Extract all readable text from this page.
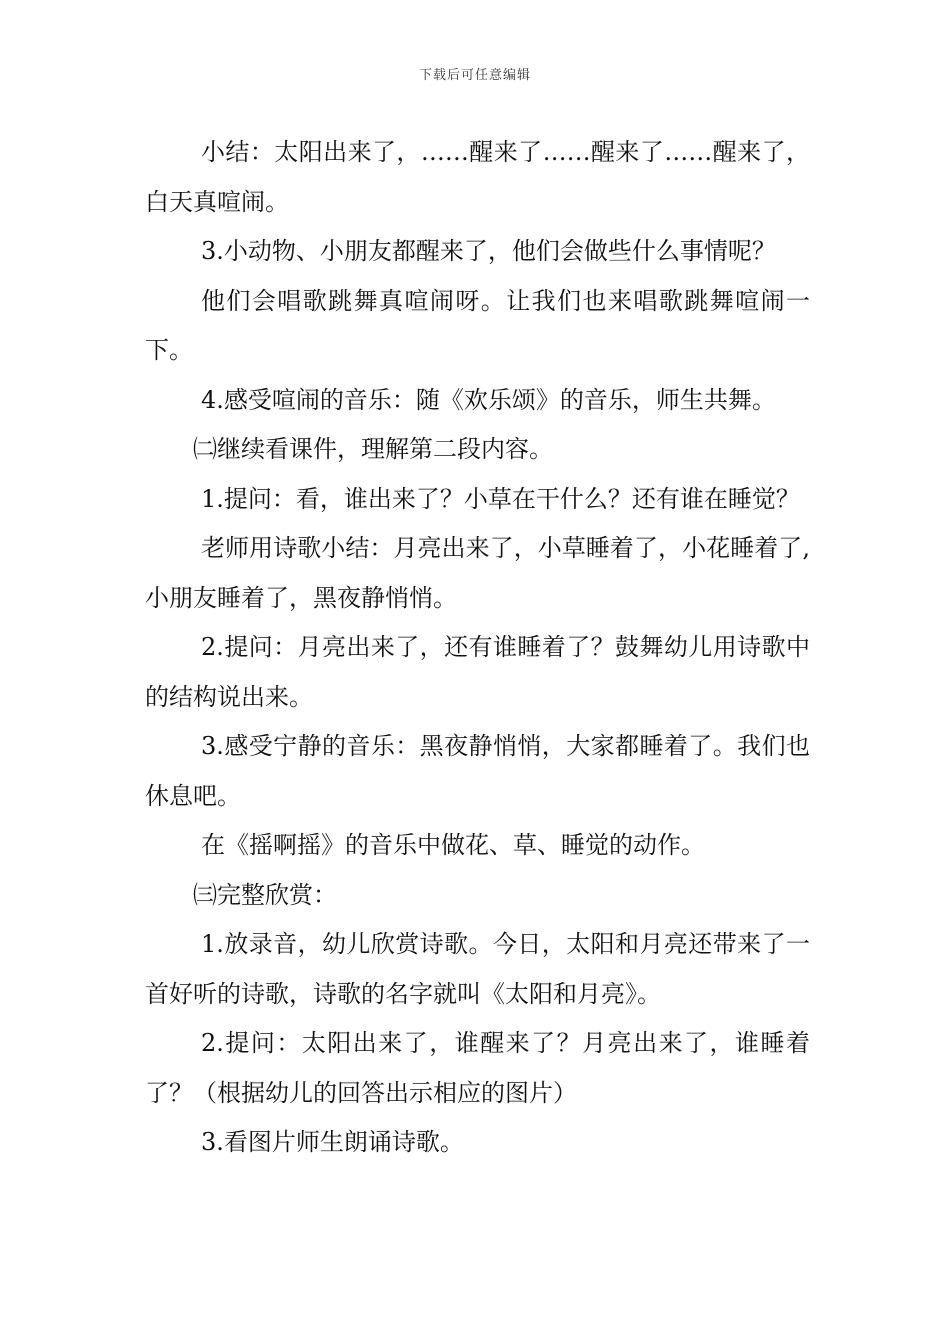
下载后可任意编辑

小结：太阳出来了，……醒来了……醒来了……醒来了，白天真喧闹。

3.小动物、小朋友都醒来了，他们会做些什么事情呢？

他们会唱歌跳舞真喧闹呀。让我们也来唱歌跳舞喧闹一下。

4.感受喧闹的音乐：随《欢乐颂》的音乐，师生共舞。

㈡继续看课件，理解第二段内容。

1.提问：看，谁出来了？小草在干什么？还有谁在睡觉？

老师用诗歌小结：月亮出来了，小草睡着了，小花睡着了,小朋友睡着了，黑夜静悄悄。

2.提问：月亮出来了，还有谁睡着了？鼓舞幼儿用诗歌中的结构说出来。

3.感受宁静的音乐：黑夜静悄悄，大家都睡着了。我们也休息吧。

在《摇啊摇》的音乐中做花、草、睡觉的动作。

㈢完整欣赏：

1.放录音，幼儿欣赏诗歌。今日，太阳和月亮还带来了一首好听的诗歌，诗歌的名字就叫《太阳和月亮》。

2.提问：太阳出来了，谁醒来了？月亮出来了，谁睡着了？（根据幼儿的回答出示相应的图片）

3.看图片师生朗诵诗歌。
